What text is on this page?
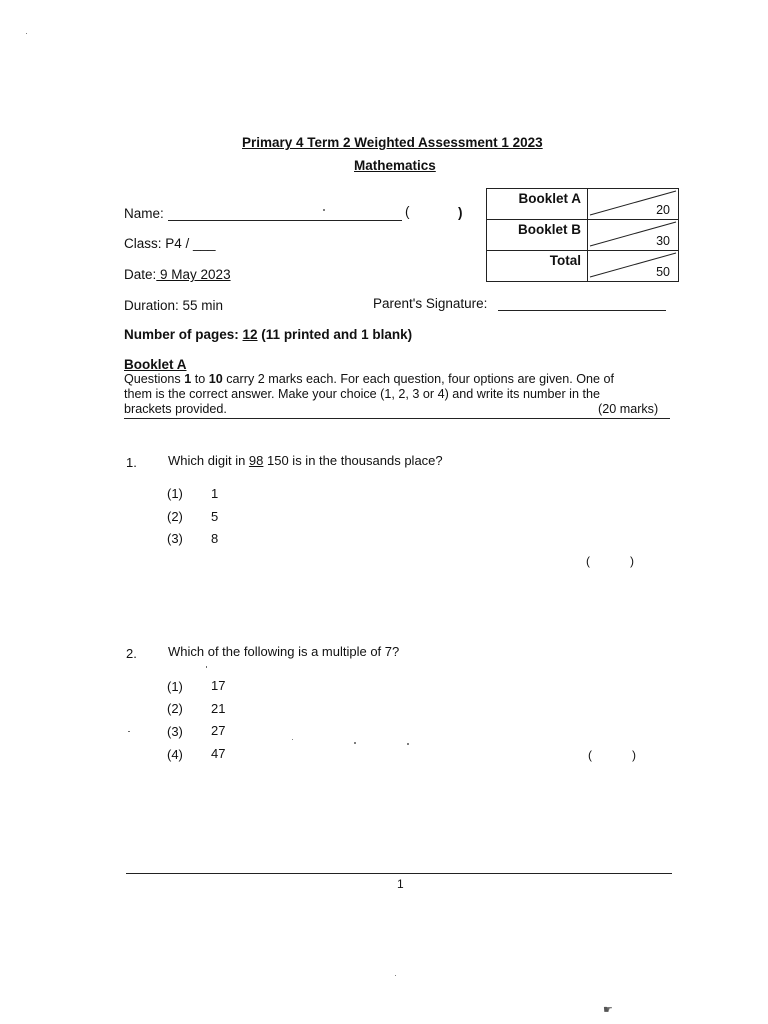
Primary 4 Term 2 Weighted Assessment 1 2023
Mathematics
Name:	(	)
Class: P4 / ___
Date: 9 May 2023
Duration: 55 min	Parent's Signature:
Number of pages: 12 (11 printed and 1 blank)
Booklet A	20

Booklet B	30

Total	50
Booklet A
Questions 1 to 10 carry 2 marks each. For each question, four options are given. One of
them is the correct answer. Make your choice (1, 2, 3 or 4) and write its number in the
brackets provided.	(20 marks)
1. Which digit in 98 150 is in the thousands place?
(1) 1
(2) 5
(3) 8
(	)
2. Which of the following is a multiple of 7?
(1) 17
(2) 21
(3) 27
(4) 47	(	)
1
☛
